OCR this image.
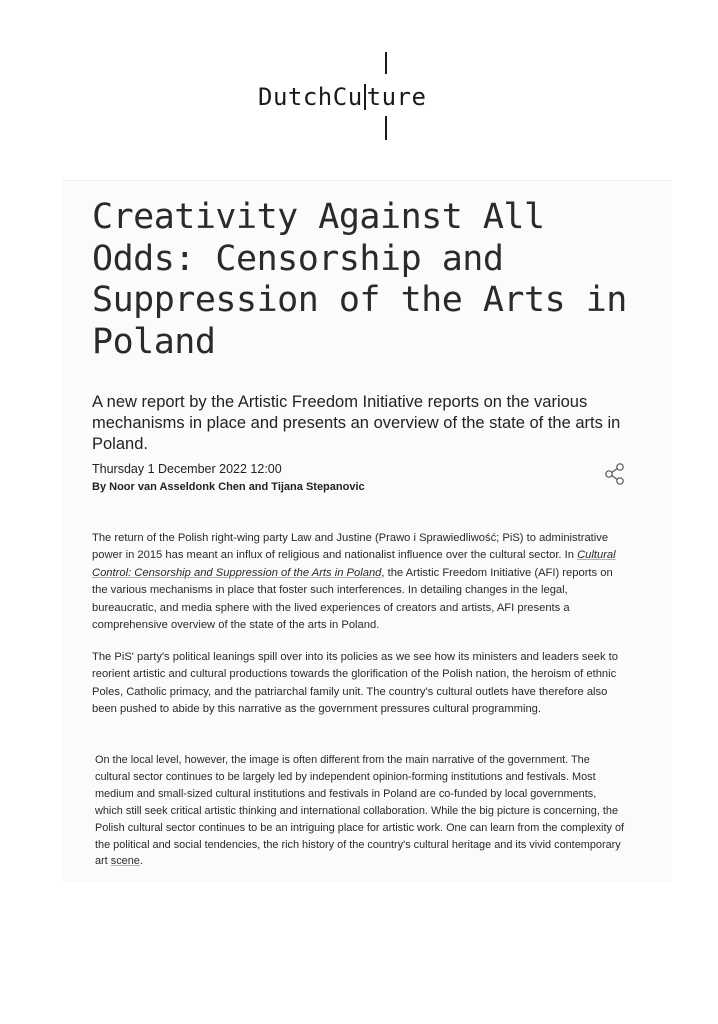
DutchCu ture
Creativity Against All Odds: Censorship and Suppression of the Arts in Poland

A new report by the Artistic Freedom Initiative reports on the various mechanisms in place and presents an overview of the state of the arts in Poland.

Thursday 1 December 2022 12:00
By Noor van Asseldonk Chen and Tijana Stepanovic

The return of the Polish right-wing party Law and Justine (Prawo i Sprawiedliwość; PiS) to administrative power in 2015 has meant an influx of religious and nationalist influence over the cultural sector. In Cultural Control: Censorship and Suppression of the Arts in Poland, the Artistic Freedom Initiative (AFI) reports on the various mechanisms in place that foster such interferences. In detailing changes in the legal, bureaucratic, and media sphere with the lived experiences of creators and artists, AFI presents a comprehensive overview of the state of the arts in Poland.

The PiS' party's political leanings spill over into its policies as we see how its ministers and leaders seek to reorient artistic and cultural productions towards the glorification of the Polish nation, the heroism of ethnic Poles, Catholic primacy, and the patriarchal family unit. The country's cultural outlets have therefore also been pushed to abide by this narrative as the government pressures cultural programming.

On the local level, however, the image is often different from the main narrative of the government. The cultural sector continues to be largely led by independent opinion-forming institutions and festivals. Most medium and small-sized cultural institutions and festivals in Poland are co-funded by local governments, which still seek critical artistic thinking and international collaboration. While the big picture is concerning, the Polish cultural sector continues to be an intriguing place for artistic work. One can learn from the complexity of the political and social tendencies, the rich history of the country's cultural heritage and its vivid contemporary art scene.
